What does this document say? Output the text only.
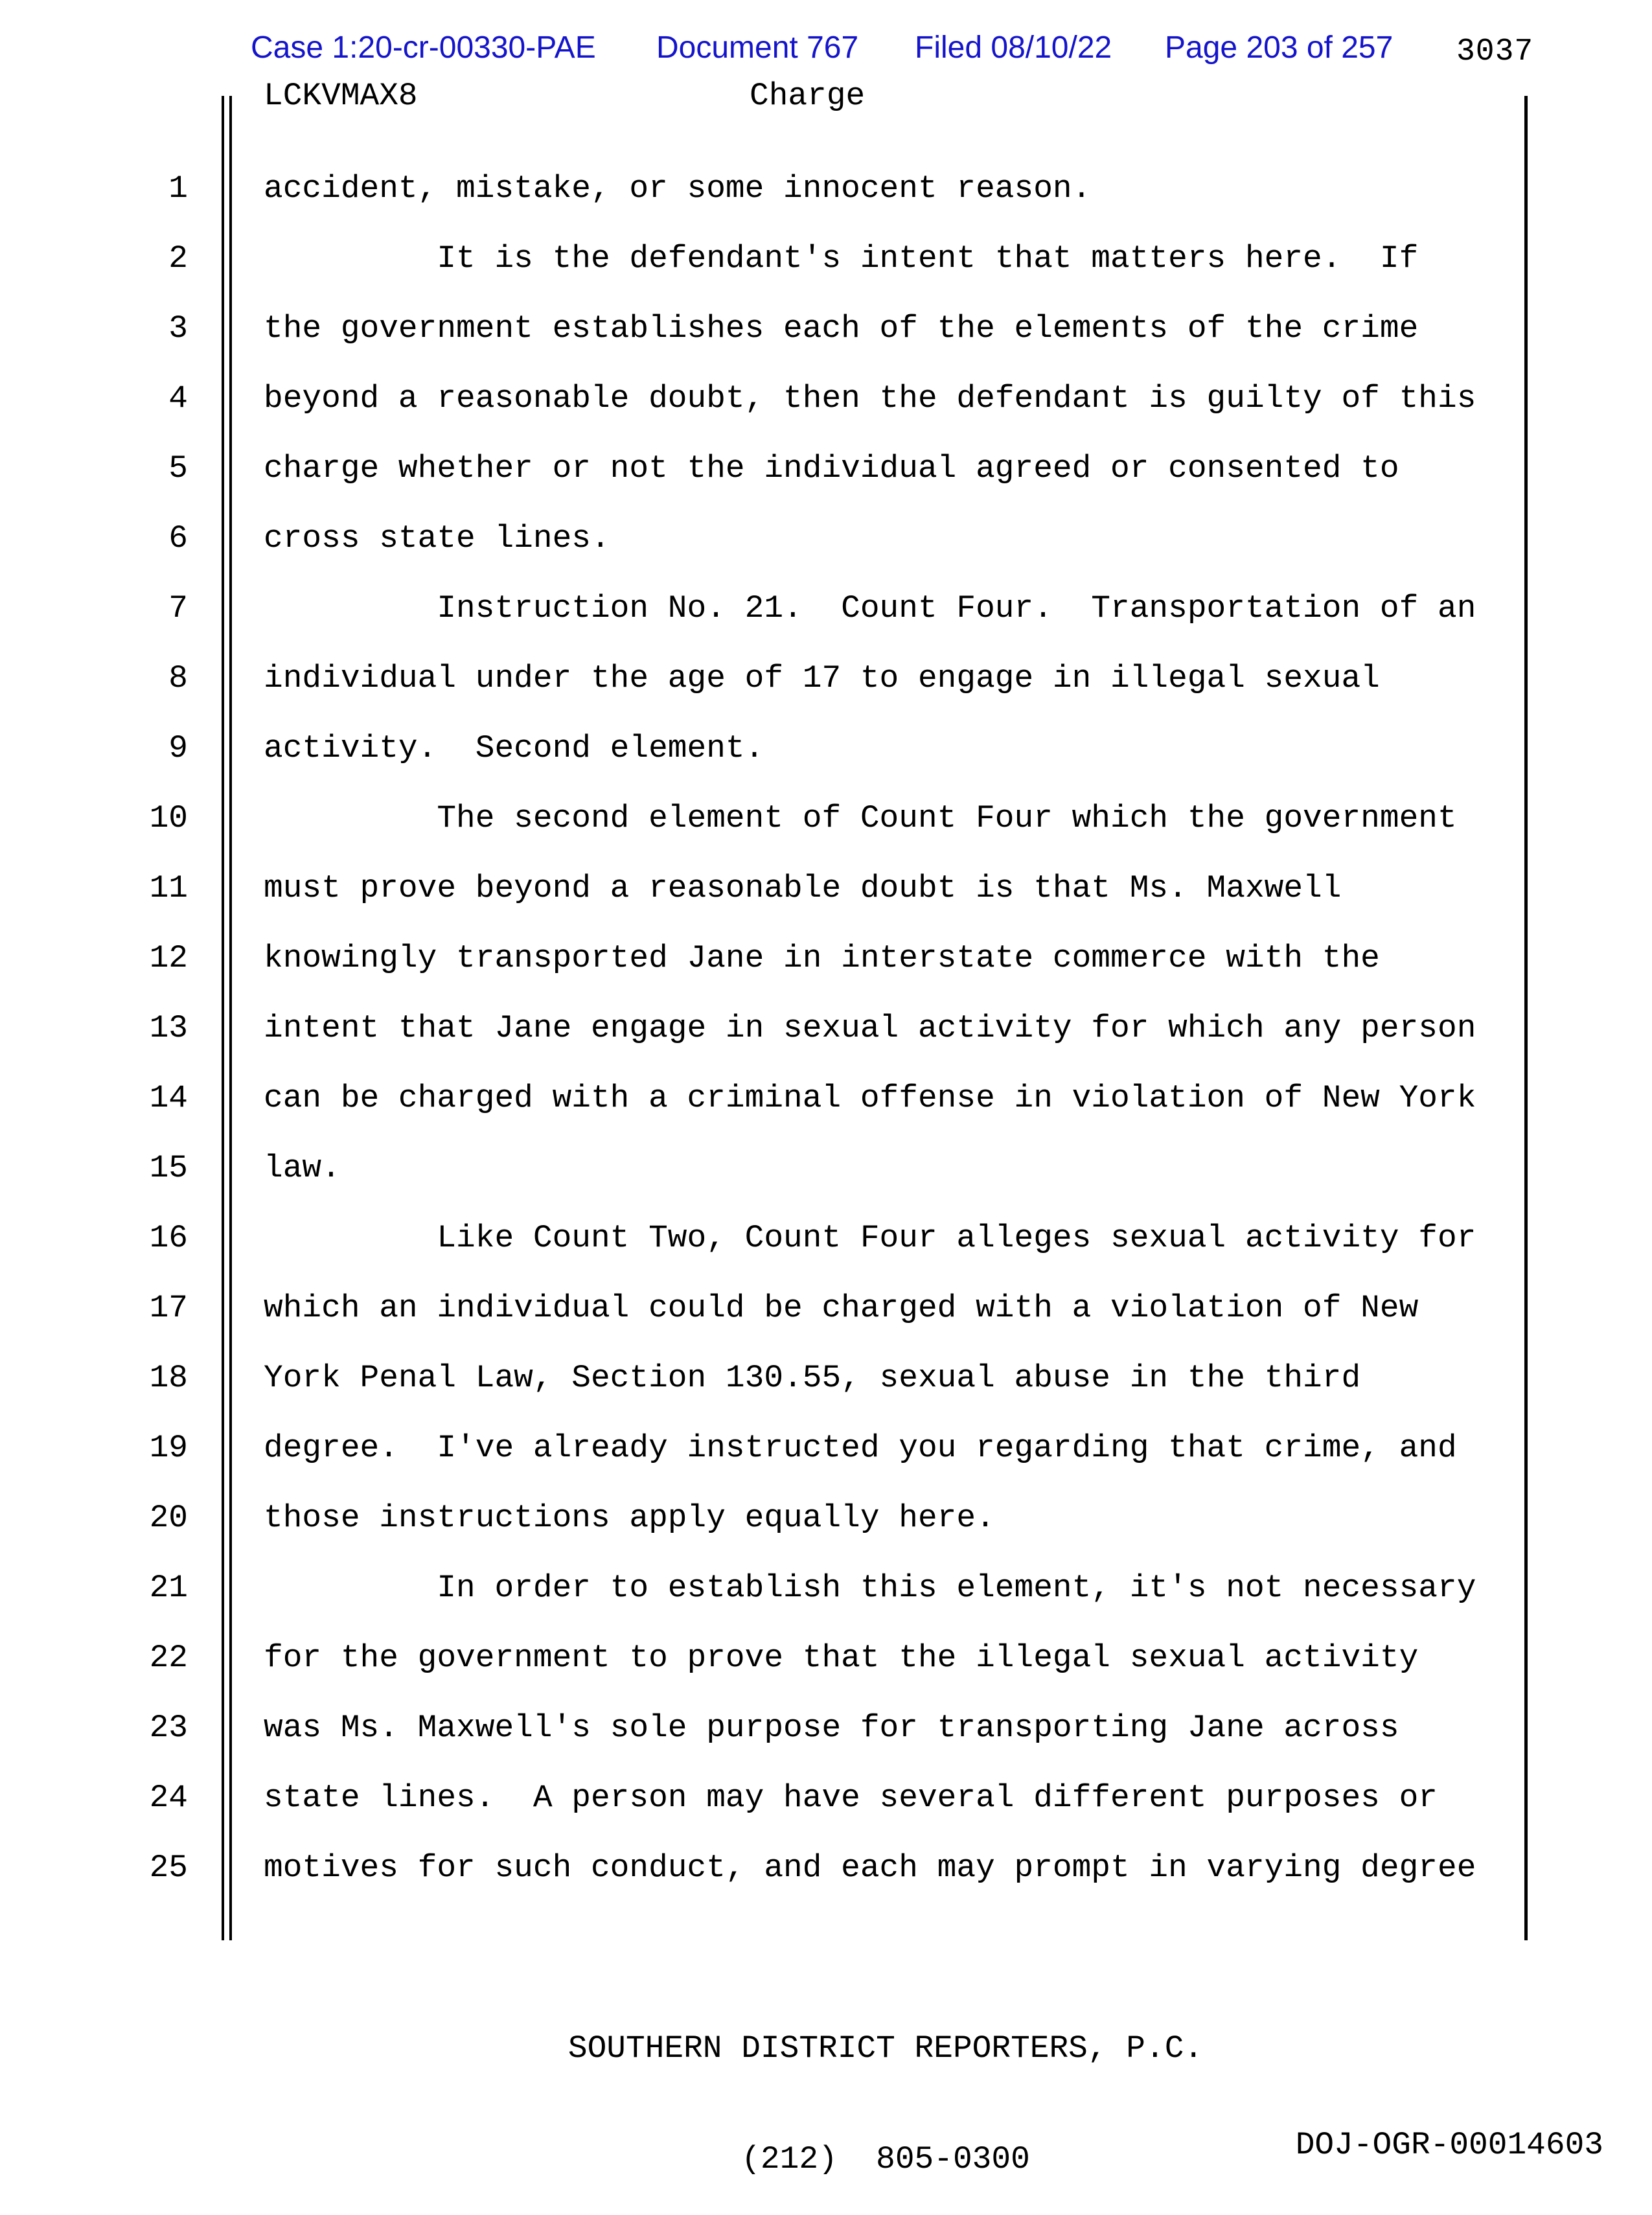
Case 1:20-cr-00330-PAE Document 767 Filed 08/10/22 Page 203 of 257 3037
LCKVMAX8	Charge

1

accident, mistake, or some innocent reason.

2

It is the defendant's intent that matters here.  If

3

the government establishes each of the elements of the crime

4

beyond a reasonable doubt, then the defendant is guilty of this

5

charge whether or not the individual agreed or consented to

6

cross state lines.

7

Instruction No. 21.  Count Four.  Transportation of an

8

individual under the age of 17 to engage in illegal sexual

9

activity.  Second element.

10

The second element of Count Four which the government

11

must prove beyond a reasonable doubt is that Ms. Maxwell

12

knowingly transported Jane in interstate commerce with the

13

intent that Jane engage in sexual activity for which any person

14

can be charged with a criminal offense in violation of New York

15

law.

16

Like Count Two, Count Four alleges sexual activity for

17

which an individual could be charged with a violation of New

18

York Penal Law, Section 130.55, sexual abuse in the third

19

degree.  I've already instructed you regarding that crime, and

20

those instructions apply equally here.

21

In order to establish this element, it's not necessary

22

for the government to prove that the illegal sexual activity

23

was Ms. Maxwell's sole purpose for transporting Jane across

24

state lines.  A person may have several different purposes or

25

motives for such conduct, and each may prompt in varying degree

SOUTHERN DISTRICT REPORTERS, P.C.

(212)  805-0300	DOJ-OGR-00014603
